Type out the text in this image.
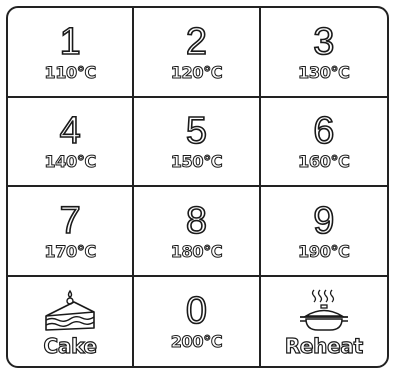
1
110℃
2
120℃
3
130℃
4
140℃
5
150℃
6
160℃
7
170℃
8
180℃
9
190℃
Cake
0
200℃	Reheat
